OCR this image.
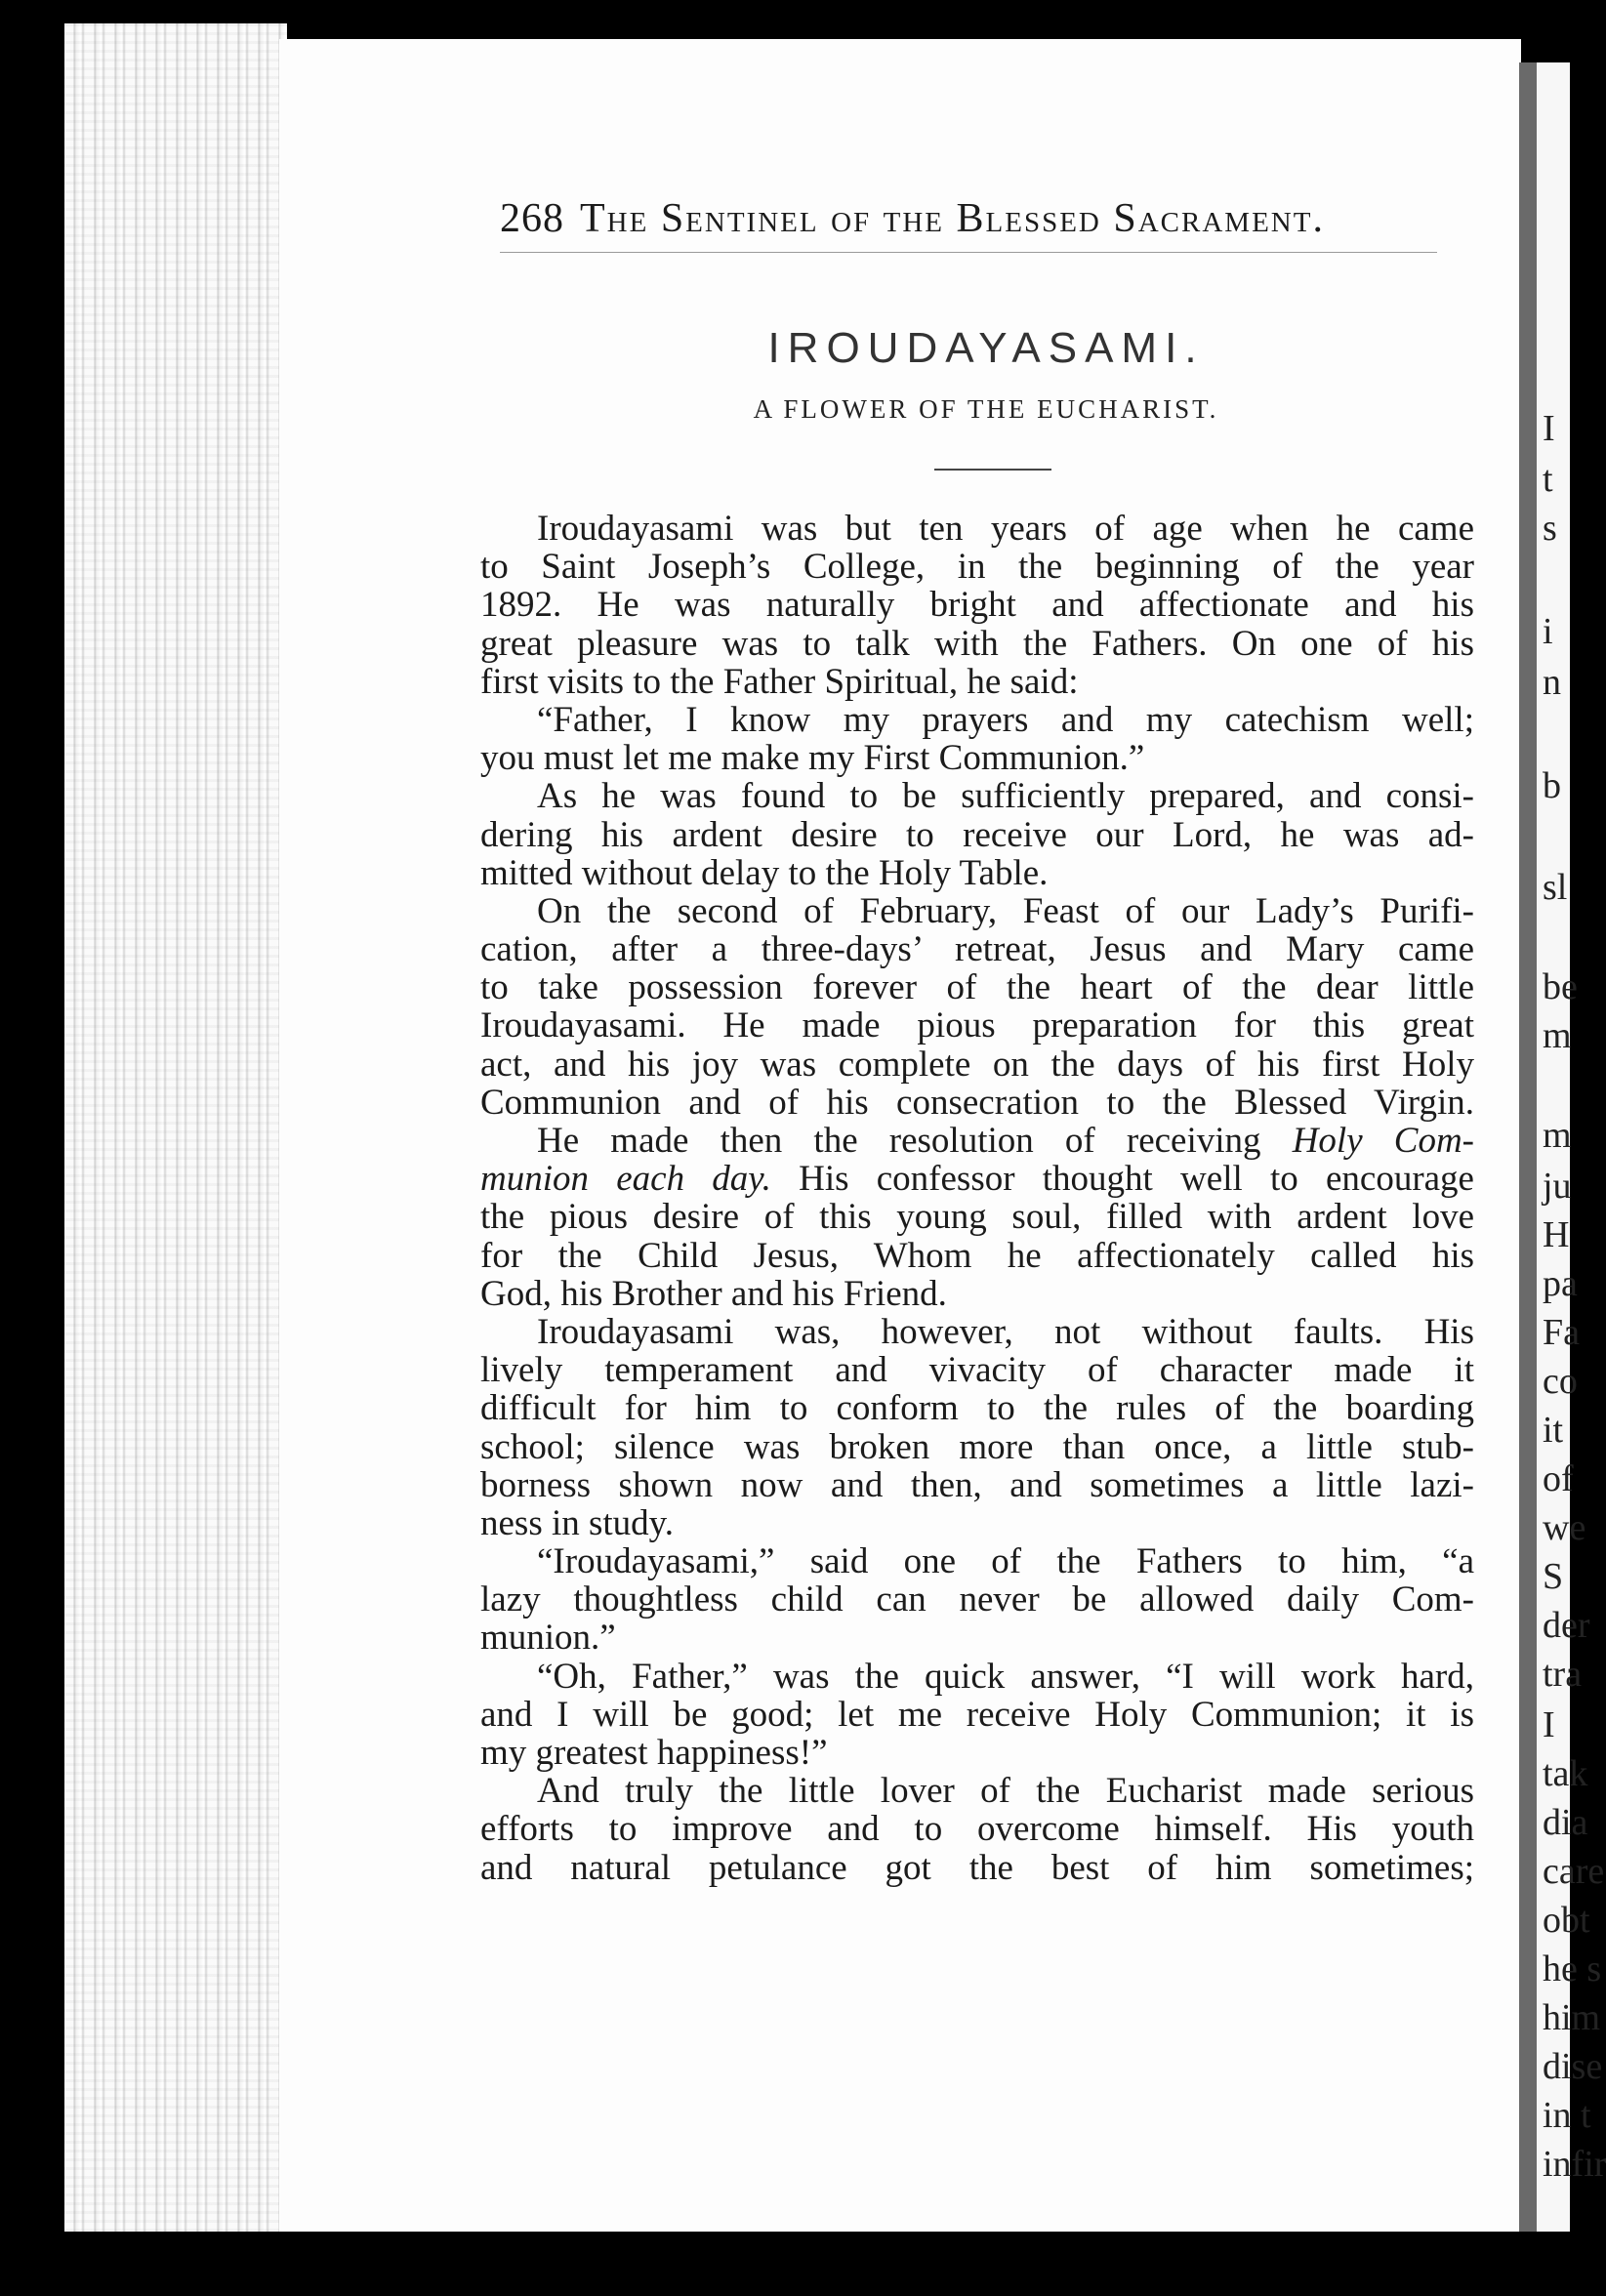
268 The Sentinel of the Blessed Sacrament.
IROUDAYASAMI.
A FLOWER OF THE EUCHARIST.
Iroudayasami was but ten years of age when he came
to Saint Joseph’s College, in the beginning of the year
1892. He was naturally bright and affectionate and his
great pleasure was to talk with the Fathers. On one of his
first visits to the Father Spiritual, he said:
“Father, I know my prayers and my catechism well;
you must let me make my First Communion.”
As he was found to be sufficiently prepared, and consi-
dering his ardent desire to receive our Lord, he was ad-
mitted without delay to the Holy Table.
On the second of February, Feast of our Lady’s Purifi-
cation, after a three-days’ retreat, Jesus and Mary came
to take possession forever of the heart of the dear little
Iroudayasami. He made pious preparation for this great
act, and his joy was complete on the days of his first Holy
Communion and of his consecration to the Blessed Virgin.
He made then the resolution of receiving Holy Com-
munion each day. His confessor thought well to encourage
the pious desire of this young soul, filled with ardent love
for the Child Jesus, Whom he affectionately called his
God, his Brother and his Friend.
Iroudayasami was, however, not without faults. His
lively temperament and vivacity of character made it
difficult for him to conform to the rules of the boarding
school; silence was broken more than once, a little stub-
borness shown now and then, and sometimes a little lazi-
ness in study.
“Iroudayasami,” said one of the Fathers to him, “a
lazy thoughtless child can never be allowed daily Com-
munion.”
“Oh, Father,” was the quick answer, “I will work hard,
and I will be good; let me receive Holy Communion; it is
my greatest happiness!”
And truly the little lover of the Eucharist made serious
efforts to improve and to overcome himself. His youth
and natural petulance got the best of him sometimes;
I
t
s
i
n
b
sl
be
m
m
ju
H
pa
Fa
co
it
of
we
S
der
tra
I
tak
dia
care
obt
he s
him
dise
in t
infir
